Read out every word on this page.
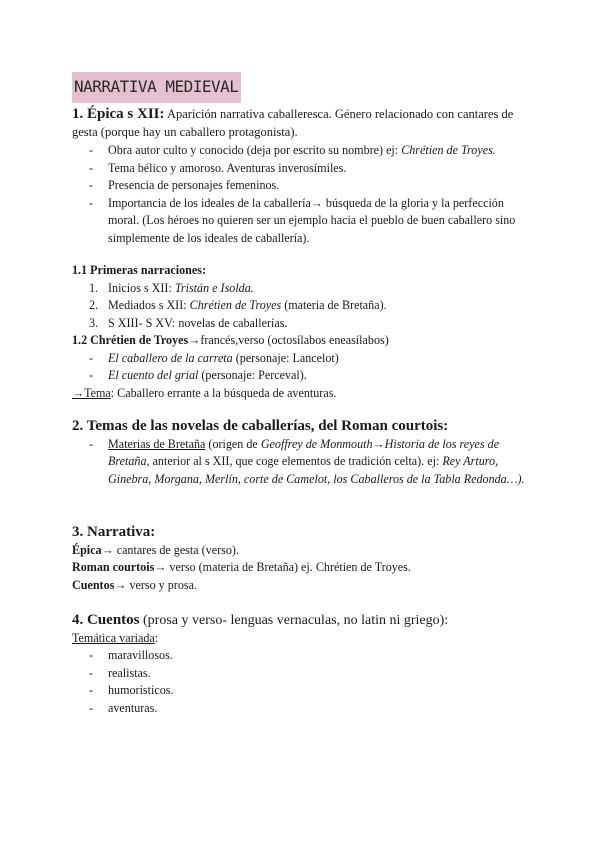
NARRATIVA MEDIEVAL
1. Épica s XII: Aparición narrativa caballeresca. Género relacionado con cantares de gesta (porque hay un caballero protagonista).
- Obra autor culto y conocido (deja por escrito su nombre) ej: Chrétien de Troyes.
- Tema bélico y amoroso. Aventuras inverosímiles.
- Presencia de personajes femeninos.
- Importancia de los ideales de la caballería→ búsqueda de la gloria y la perfección moral. (Los héroes no quieren ser un ejemplo hacia el pueblo de buen caballero sino simplemente de los ideales de caballería).
1.1 Primeras narraciones:
1. Inicios s XII: Tristán e Isolda.
2. Mediados s XII: Chrétien de Troyes (materia de Bretaña).
3. S XIII- S XV: novelas de caballerías.
1.2 Chrétien de Troyes→francés,verso (octosílabos eneasílabos)
- El caballero de la carreta (personaje: Lancelot)
- El cuento del grial (personaje: Perceval).
→Tema: Caballero errante a la búsqueda de aventuras.
2. Temas de las novelas de caballerías, del Roman courtois:
- Materias de Bretaña (origen de Geoffrey de Monmouth→Historia de los reyes de Bretaña, anterior al s XII, que coge elementos de tradición celta). ej: Rey Arturo, Ginebra, Morgana, Merlín, corte de Camelot, los Caballeros de la Tabla Redonda…).
3. Narrativa:
Épica→ cantares de gesta (verso).
Roman courtois→ verso (materia de Bretaña) ej. Chrétien de Troyes.
Cuentos→ verso y prosa.
4. Cuentos (prosa y verso- lenguas vernaculas, no latin ni griego):
Temática variada:
- maravillosos.
- realistas.
- humorísticos.
- aventuras.
